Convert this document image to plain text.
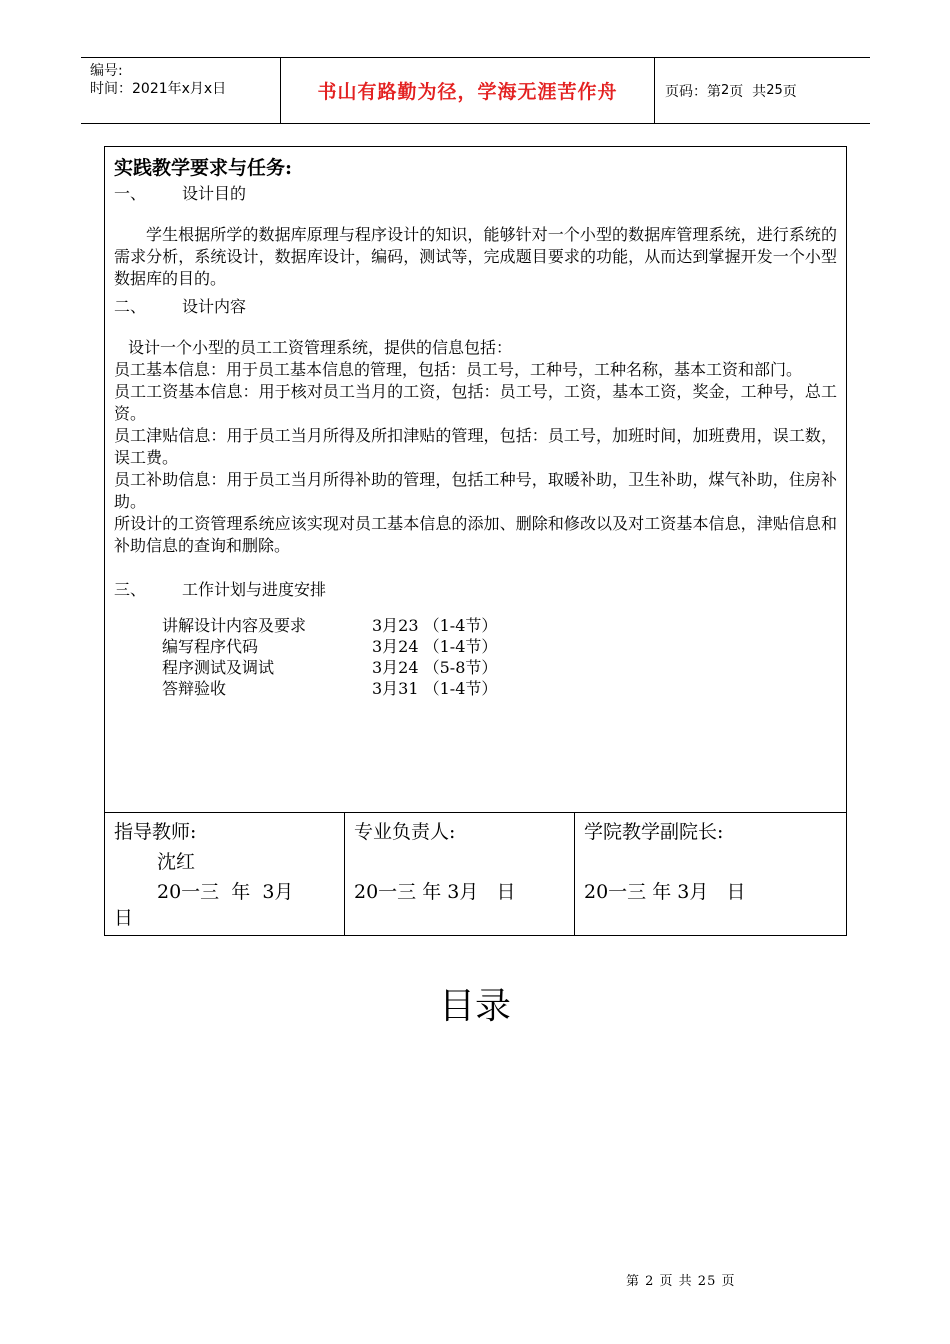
编号:
时间：2021年x月x日	书山有路勤为径，学海无涯苦作舟	页码：第 2 页  共 25 页
实践教学要求与任务:
一、	设计目的

学生根据所学的数据库原理与程序设计的知识，能够针对一个小型的数据库管理系统，进行系统的需求分析，系统设计，数据库设计，编码，测试等，完成题目要求的功能，从而达到掌握开发一个小型数据库的目的。

二、	设计内容

设计一个小型的员工工资管理系统，提供的信息包括：

员工基本信息：用于员工基本信息的管理，包括：员工号，工种号，工种名称，基本工资和部门。

员工工资基本信息：用于核对员工当月的工资，包括：员工号，工资，基本工资，奖金，工种号，总工资。

员工津贴信息：用于员工当月所得及所扣津贴的管理，包括：员工号，加班时间，加班费用，误工数，误工费。

员工补助信息：用于员工当月所得补助的管理，包括工种号，取暖补助，卫生补助，煤气补助，住房补助。

所设计的工资管理系统应该实现对员工基本信息的添加、删除和修改以及对工资基本信息，津贴信息和补助信息的查询和删除。

三、	工作计划与进度安排
讲解设计内容及要求	3月23 （1-4节）
编写程序代码	3月24 （1-4节）
程序测试及调试	3月24 （5-8节）
答辩验收	3月31 （1-4节）
指导教师:
沈红
20一三  年  3月
日
专业负责人:
20一三 年 3月   日
学院教学副院长:
20一三 年 3月   日
目录
第 2 页 共 25 页
